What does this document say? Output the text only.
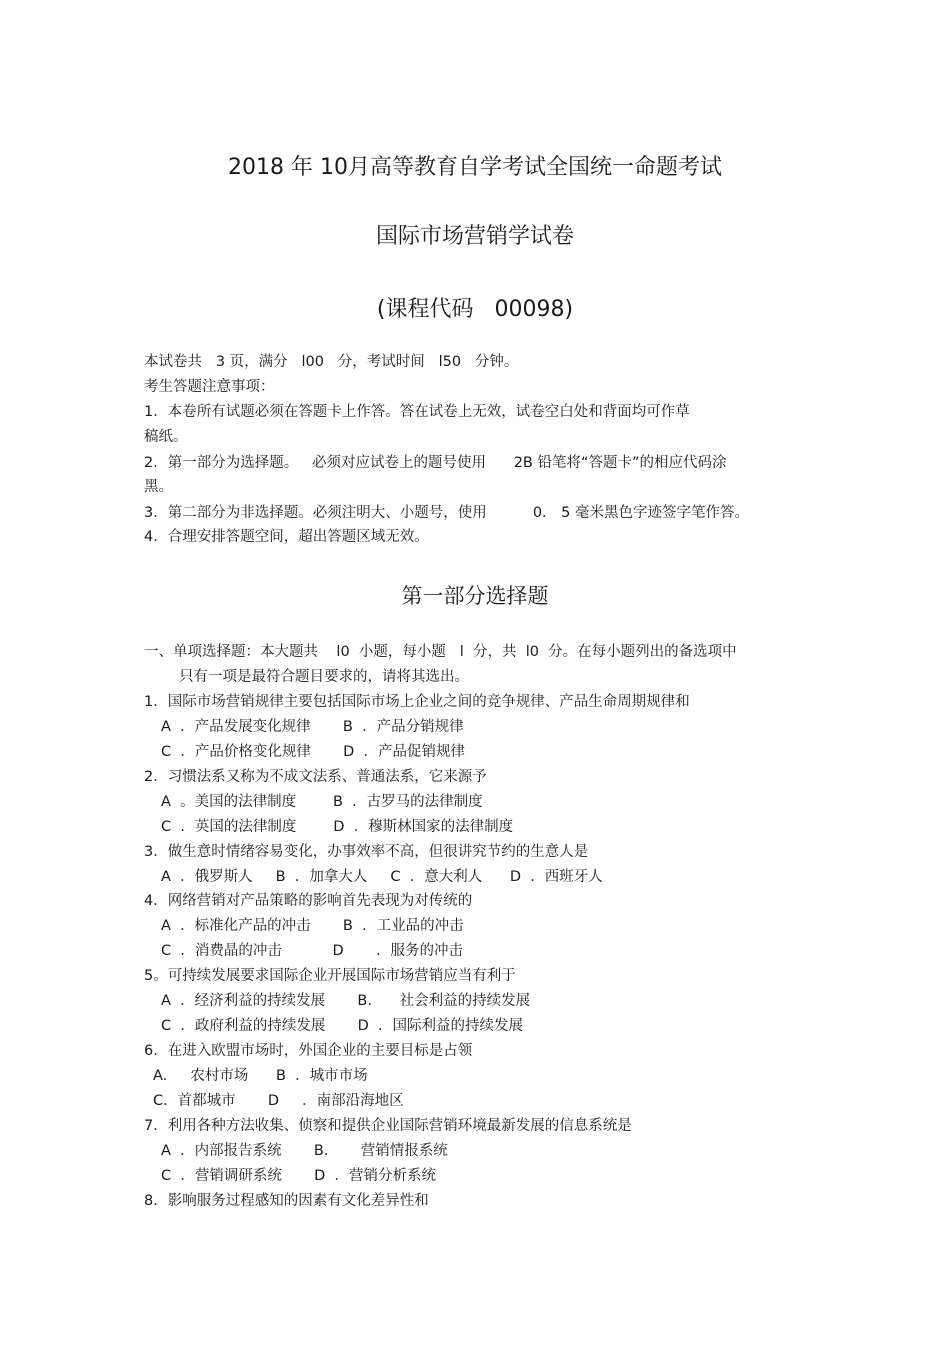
2018 年 10月高等教育自学考试全国统一命题考试
国际市场营销学试卷
(课程代码   00098)
本试卷共   3 页，满分   l00   分，考试时间   l50   分钟。
考生答题注意事项：
1．本卷所有试题必须在答题卡上作答。答在试卷上无效，试卷空白处和背面均可作草
稿纸。
2．第一部分为选择题。   必须对应试卷上的题号使用      2B 铅笔将“答题卡”的相应代码涂
黑。
3．第二部分为非选择题。必须注明大、小题号，使用          0． 5 毫米黑色字迹签字笔作答。
4．合理安排答题空间，超出答题区域无效。
第一部分选择题
一、单项选择题：本大题共    l0  小题，每小题   l  分，共  l0  分。在每小题列出的备选项中
只有一项是最符合题目要求的，请将其选出。
1．国际市场营销规律主要包括国际市场上企业之间的竞争规律、产品生命周期规律和
A  ．产品发展变化规律       B  ．产品分销规律
C  ．产品价格变化规律       D  ．产品促销规律
2．习惯法系又称为不成文法系、普通法系，它来源予
A  。美国的法律制度        B  ．古罗马的法律制度
C  ．英国的法律制度        D  ．穆斯林国家的法律制度
3．做生意时情绪容易变化，办事效率不高，但很讲究节约的生意人是
A  ．俄罗斯人     B  ．加拿大人     C  ．意大利人      D  ．西班牙人
4．网络营销对产品策略的影响首先表现为对传统的
A  ．标准化产品的冲击       B  ．工业品的冲击
C  ．消费晶的冲击           D       ．服务的冲击
5。可持续发展要求国际企业开展国际市场营销应当有利于
A  ．经济利益的持续发展       B.      社会利益的持续发展
C  ．政府利益的持续发展       D  ．国际利益的持续发展
6．在进入欧盟市场时，外国企业的主要目标是占领
A.     农村市场      B  ．城市市场
C．首都城市       D     ．南部沿海地区
7．利用各种方法收集、侦察和提供企业国际营销环境最新发展的信息系统是
A  ．内部报告系统       B.       营销情报系统
C  ．营销调研系统       D  ．营销分析系统
8．影响服务过程感知的因素有文化差异性和
